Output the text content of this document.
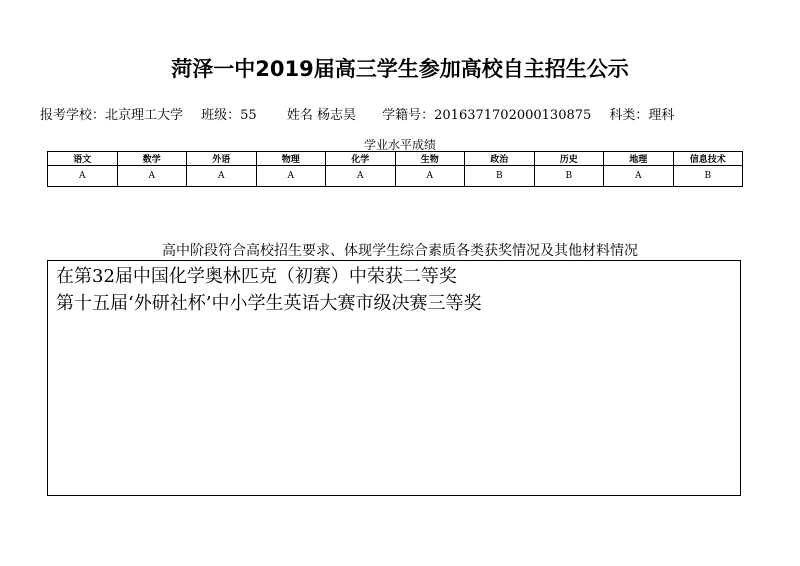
菏泽一中2019届高三学生参加高校自主招生公示
报考学校：北京理工大学 班级：55 姓名 杨志昊 学籍号：2016371702000130875 科类：理科
学业水平成绩
语文	数学	外语	物理	化学	生物	政治	历史	地理	信息技术
A	A	A	A	A	A	B	B	A	B
高中阶段符合高校招生要求、体现学生综合素质各类获奖情况及其他材料情况
在第32届中国化学奥林匹克（初赛）中荣获二等奖
第十五届‘外研社杯’中小学生英语大赛市级决赛三等奖
